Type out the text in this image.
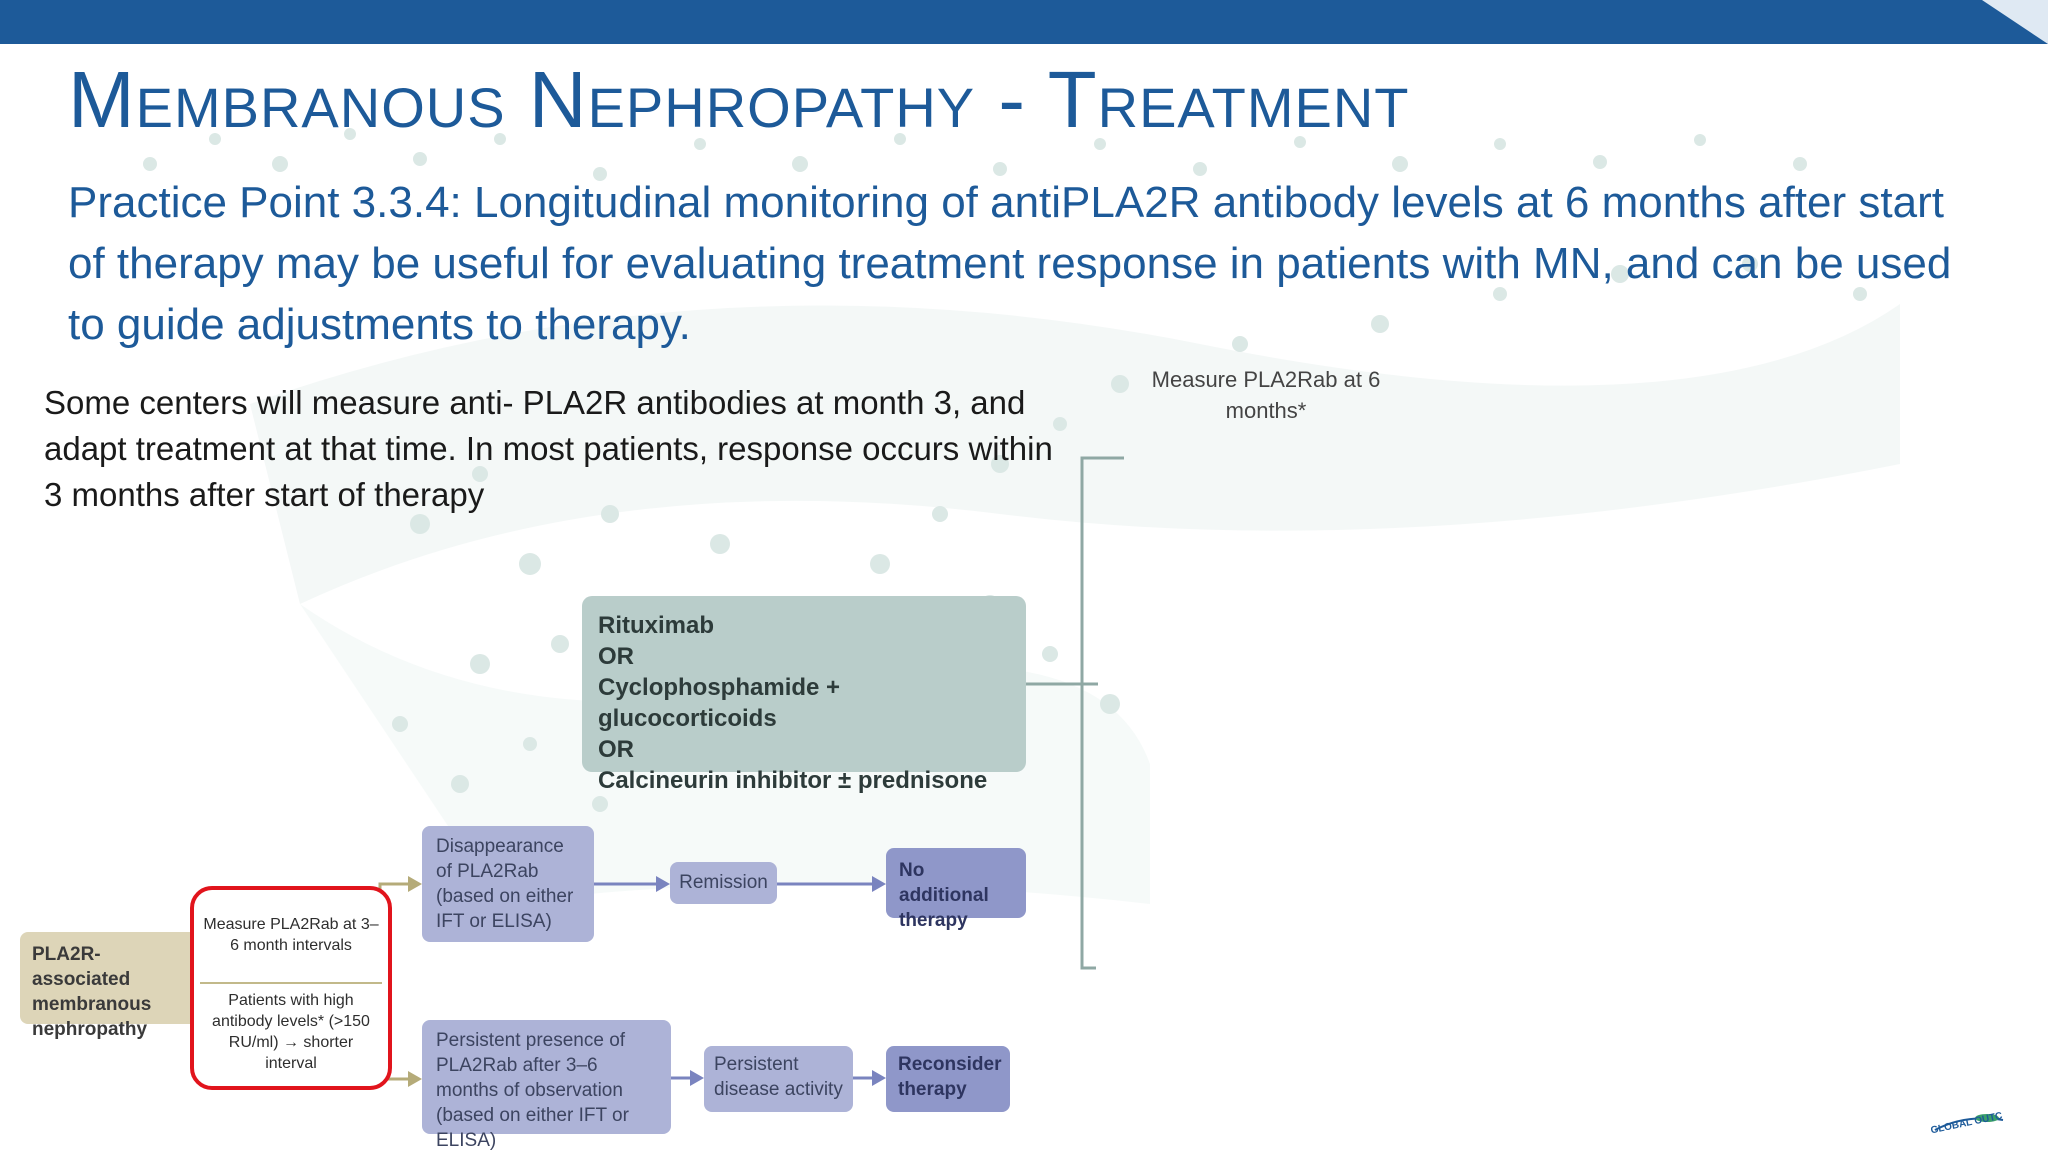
Membranous Nephropathy - Treatment
Practice Point 3.3.4: Longitudinal monitoring of antiPLA2R antibody levels at 6 months after start of therapy may be useful for evaluating treatment response in patients with MN, and can be used to guide adjustments to therapy.
Some centers will measure anti- PLA2R antibodies at month 3, and adapt treatment at that time. In most patients, response occurs within 3 months after start of therapy
PLA2R-associated membranous nephropathy
Measure PLA2Rab at 3–6 month intervals
Patients with high antibody levels* (>150 RU/ml) → shorter interval
Disappearance of PLA2Rab (based on either IFT or ELISA)
Remission
No additional therapy
Persistent presence of PLA2Rab after 3–6 months of observation (based on either IFT or ELISA)
Persistent disease activity
Reconsider therapy
Rituximab
OR
Cyclophosphamide + glucocorticoids
OR
Calcineurin inhibitor ± prednisone
Measure PLA2Rab at 6 months*
GLOBAL OUTC
